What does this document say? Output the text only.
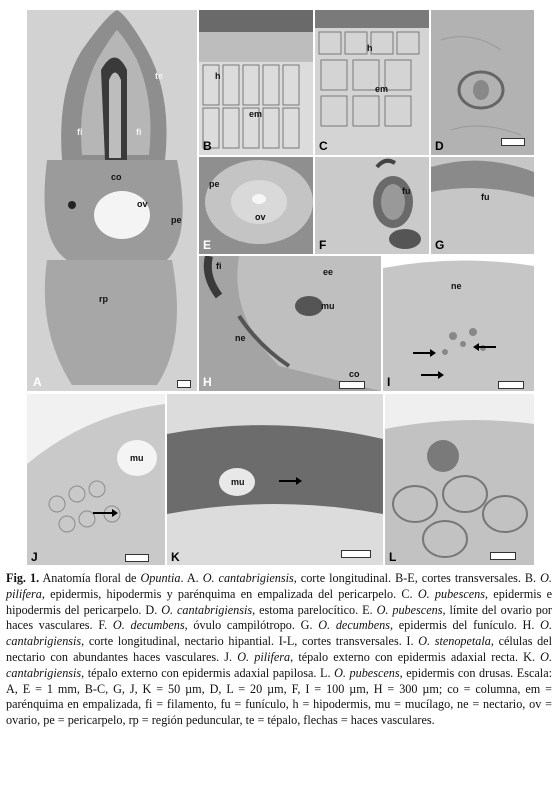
A
te
fi	fi
co
ov
pe
rp
B
h
em
C
h
em
D
E
pe
ov
F
fu
G
fu
H
fi
ee
mu
ne
co
I
ne
J
mu
K
mu
L
Fig. 1. Anatomía floral de Opuntia. A. O. cantabrigiensis, corte longitudinal. B-E, cortes transversales. B. O. pilifera, epidermis, hipodermis y parénquima en empalizada del pericarpelo. C. O. pubescens, epidermis e hipodermis del pericarpelo. D. O. cantabrigiensis, estoma parelocítico. E. O. pubescens, límite del ovario por haces vasculares. F. O. decumbens, óvulo campilótropo. G. O. decumbens, epidermis del funículo. H. O. cantabrigiensis, corte longitudinal, nectario hipantial. I-L, cortes transversales. I. O. stenopetala, células del nectario con abundantes haces vasculares. J. O. pilifera, tépalo externo con epidermis adaxial recta. K. O. cantabrigiensis, tépalo externo con epidermis adaxial papilosa. L. O. pubescens, epidermis con drusas. Escala: A, E = 1 mm, B-C, G, J, K = 50 µm, D, L = 20 µm, F, I = 100 µm, H = 300 µm; co = columna, em = parénquima en empalizada, fi = filamento, fu = funículo, h = hipodermis, mu = mucílago, ne = nectario, ov = ovario, pe = pericarpelo, rp = región peduncular, te = tépalo, flechas = haces vasculares.
